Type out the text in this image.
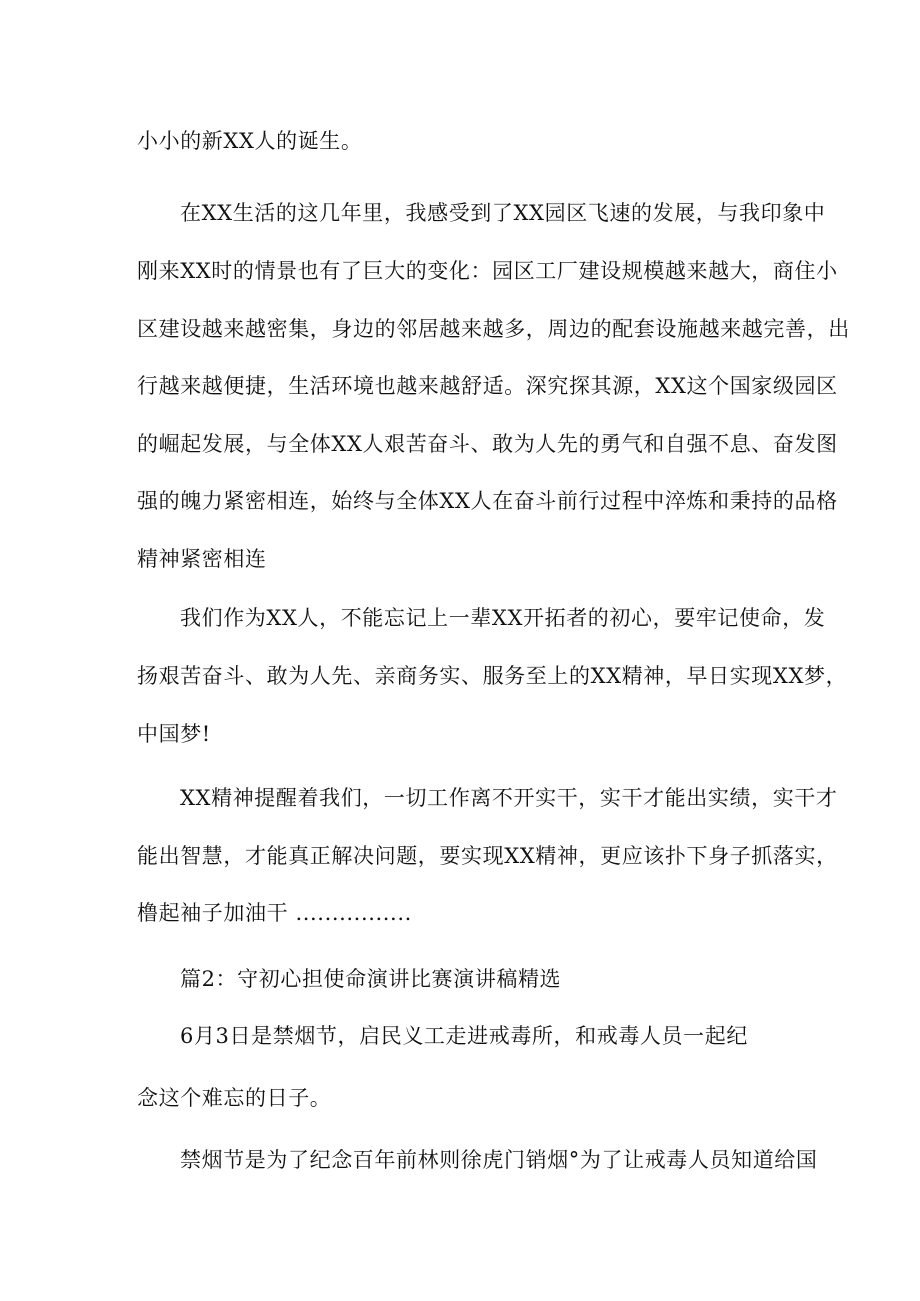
小小的新XX人的诞生。
在XX生活的这几年里，我感受到了XX园区飞速的发展，与我印象中
刚来XX时的情景也有了巨大的变化：园区工厂建设规模越来越大，商住小
区建设越来越密集，身边的邻居越来越多，周边的配套设施越来越完善，出
行越来越便捷，生活环境也越来越舒适。深究探其源，XX这个国家级园区
的崛起发展，与全体XX人艰苦奋斗、敢为人先的勇气和自强不息、奋发图
强的魄力紧密相连，始终与全体XX人在奋斗前行过程中淬炼和秉持的品格
精神紧密相连
我们作为XX人，不能忘记上一辈XX开拓者的初心，要牢记使命，发
扬艰苦奋斗、敢为人先、亲商务实、服务至上的XX精神，早日实现XX梦，
中国梦!
XX精神提醒着我们，一切工作离不开实干，实干才能出实绩，实干才
能出智慧，才能真正解决问题，要实现XX精神，更应该扑下身子抓落实，
橹起袖子加油干 ................
篇2：守初心担使命演讲比赛演讲稿精选
6月3日是禁烟节，启民义工走进戒毒所，和戒毒人员一起纪
念这个难忘的日子。
禁烟节是为了纪念百年前林则徐虎门销烟°为了让戒毒人员知道给国
